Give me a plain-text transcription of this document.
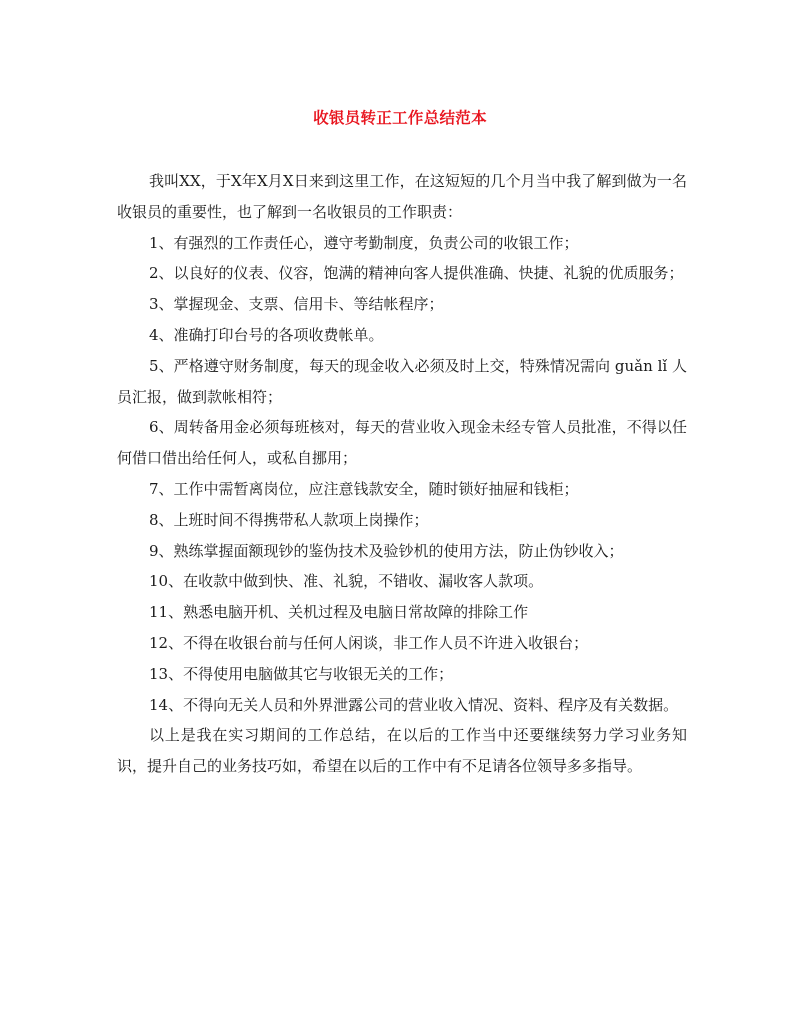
收银员转正工作总结范本

我叫XX，于X年X月X日来到这里工作，在这短短的几个月当中我了解到做为一名收银员的重要性，也了解到一名收银员的工作职责：

1、有强烈的工作责任心，遵守考勤制度，负责公司的收银工作；

2、以良好的仪表、仪容，饱满的精神向客人提供准确、快捷、礼貌的优质服务；

3、掌握现金、支票、信用卡、等结帐程序；

4、准确打印台号的各项收费帐单。

5、严格遵守财务制度，每天的现金收入必须及时上交，特殊情况需向 guǎn lǐ 人员汇报，做到款帐相符；

6、周转备用金必须每班核对，每天的营业收入现金未经专管人员批准，不得以任何借口借出给任何人，或私自挪用；

7、工作中需暂离岗位，应注意钱款安全，随时锁好抽屉和钱柜；

8、上班时间不得携带私人款项上岗操作；

9、熟练掌握面额现钞的鉴伪技术及验钞机的使用方法，防止伪钞收入；

10、在收款中做到快、准、礼貌，不错收、漏收客人款项。

11、熟悉电脑开机、关机过程及电脑日常故障的排除工作

12、不得在收银台前与任何人闲谈，非工作人员不许进入收银台；

13、不得使用电脑做其它与收银无关的工作；

14、不得向无关人员和外界泄露公司的营业收入情况、资料、程序及有关数据。

以上是我在实习期间的工作总结，在以后的工作当中还要继续努力学习业务知识，提升自己的业务技巧如，希望在以后的工作中有不足请各位领导多多指导。
